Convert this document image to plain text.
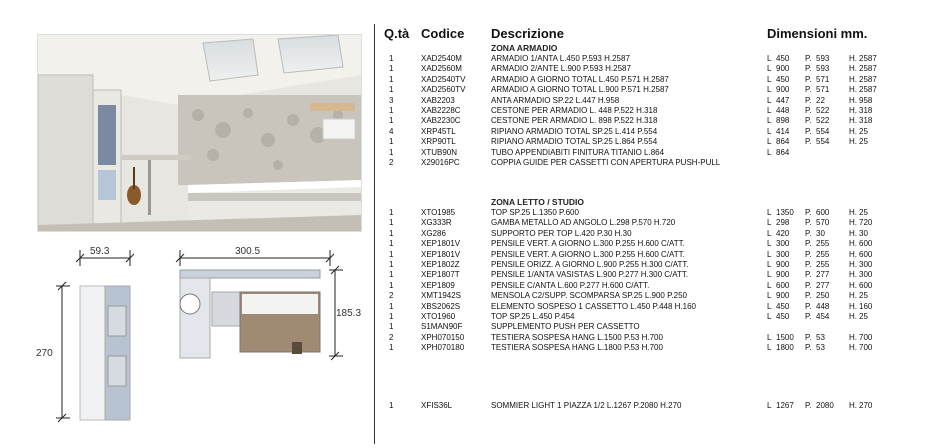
59.3	300.5
270
185.3
Q.tà Codice Descrizione	Dimensioni mm.
ZONA ARMADIO
1	XAD2540M	ARMADIO 1/ANTA L.450 P.593 H.2587	L 450	P. 593	H. 2587
1	XAD2560M	ARMADIO 2/ANTE L.900 P.593 H.2587	L 900	P. 593	H. 2587
1	XAD2540TV	ARMADIO A GIORNO TOTAL L.450 P.571 H.2587	L 450	P. 571	H. 2587
1	XAD2560TV	ARMADIO A GIORNO TOTAL L.900 P.571 H.2587	L 900	P. 571	H. 2587
3	XAB2203	ANTA ARMADIO SP.22 L.447 H.958	L 447	P. 22	H. 958
1	XAB2228C	CESTONE PER ARMADIO L. 448 P.522 H.318	L 448	P. 522	H. 318
1	XAB2230C	CESTONE PER ARMADIO L. 898 P.522 H.318	L 898	P. 522	H. 318
4	XRP45TL	RIPIANO ARMADIO TOTAL SP.25 L.414 P.554	L 414	P. 554	H. 25
1	XRP90TL	RIPIANO ARMADIO TOTAL SP.25 L.864 P.554	L 864	P. 554	H. 25
1	XTUB90N	TUBO APPENDIABITI FINITURA TITANIO L.864	L 864
2	X29016PC	COPPIA GUIDE PER CASSETTI CON APERTURA PUSH-PULL
ZONA LETTO / STUDIO
1	XTO1985	TOP SP.25 L.1350 P.600	L 1350	P. 600	H. 25
1	XG333R	GAMBA METALLO AD ANGOLO L.298 P.570 H.720	L 298	P. 570	H. 720
1	XG286	SUPPORTO PER TOP L.420 P.30 H.30	L 420	P. 30	H. 30
1	XEP1801V	PENSILE VERT. A GIORNO L.300 P.255 H.600 C/ATT.	L 300	P. 255	H. 600
1	XEP1801V	PENSILE VERT. A GIORNO L.300 P.255 H.600 C/ATT.	L 300	P. 255	H. 600
1	XEP1802Z	PENSILE ORIZZ. A GIORNO L.900 P.255 H.300 C/ATT.	L 900	P. 255	H. 300
1	XEP1807T	PENSILE 1/ANTA VASISTAS L.900 P.277 H.300 C/ATT.	L 900	P. 277	H. 300
1	XEP1809	PENSILE C/ANTA L.600 P.277 H.600 C/ATT.	L 600	P. 277	H. 600
2	XMT1942S	MENSOLA C2/SUPP. SCOMPARSA SP.25 L.900 P.250	L 900	P. 250	H. 25
1	XBS2062S	ELEMENTO SOSPESO 1 CASSETTO L.450 P.448 H.160	L 450	P. 448	H. 160
1	XTO1960	TOP SP.25 L.450 P.454	L 450	P. 454	H. 25
1	S1MAN90F	SUPPLEMENTO PUSH PER CASSETTO
2	XPH070150	TESTIERA SOSPESA HANG L.1500 P.53 H.700	L 1500	P. 53	H. 700
1	XPH070180	TESTIERA SOSPESA HANG L.1800 P.53 H.700	L 1800	P. 53	H. 700
1	XFIS36L	SOMMIER LIGHT 1 PIAZZA 1/2 L.1267 P.2080 H.270	L 1267	P. 2080	H. 270
